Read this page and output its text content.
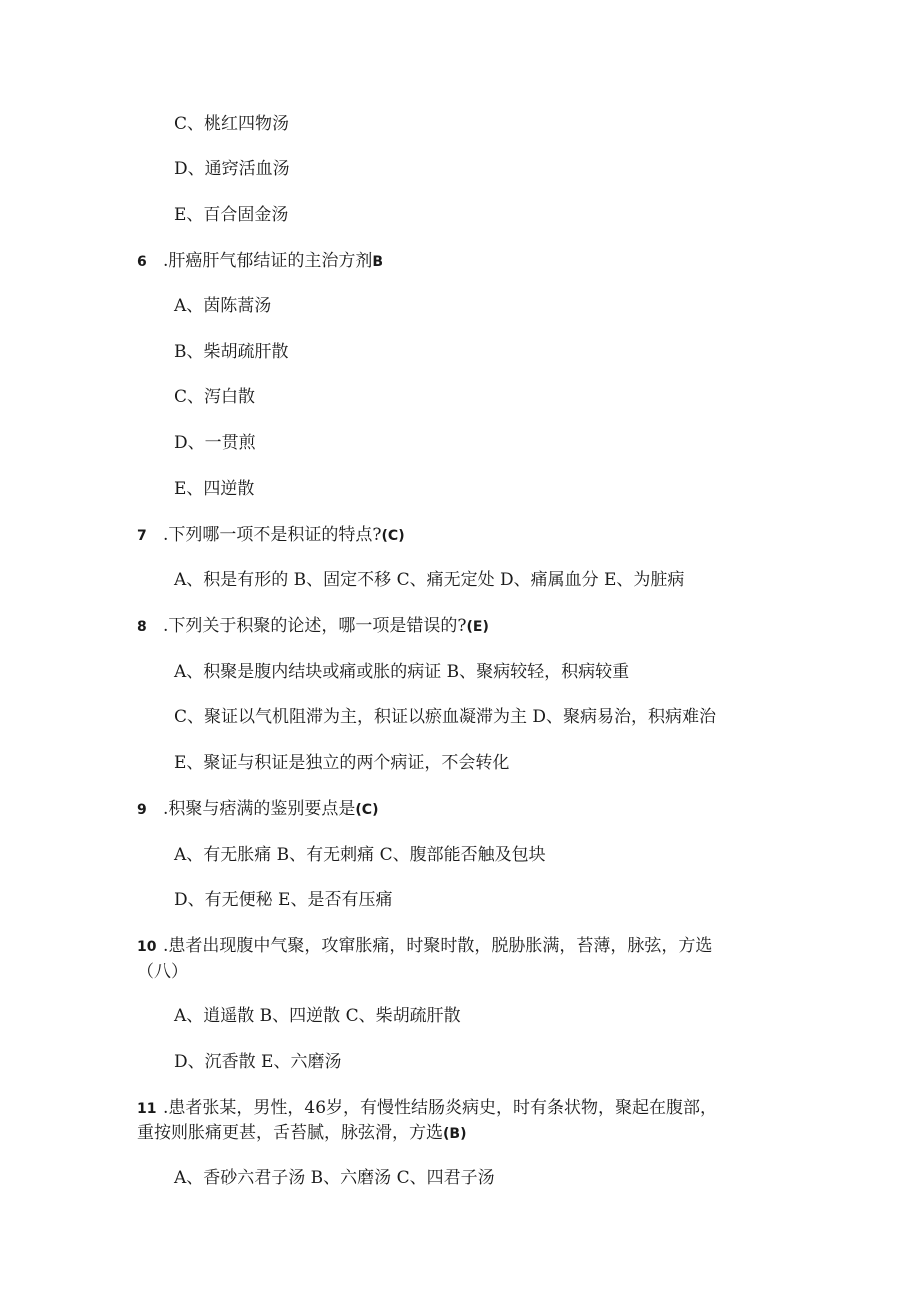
C、桃红四物汤
D、通窍活血汤
E、百合固金汤
6 .肝癌肝气郁结证的主治方剂B
A、茵陈蒿汤
B、柴胡疏肝散
C、泻白散
D、一贯煎
E、四逆散
7 .下列哪一项不是积证的特点?(C)
A、积是有形的 B、固定不移 C、痛无定处 D、痛属血分 E、为脏病
8 .下列关于积聚的论述，哪一项是错误的?(E)
A、积聚是腹内结块或痛或胀的病证 B、聚病较轻，积病较重
C、聚证以气机阻滞为主，积证以瘀血凝滞为主 D、聚病易治，积病难治
E、聚证与积证是独立的两个病证，不会转化
9 .积聚与痞满的鉴别要点是(C)
A、有无胀痛 B、有无刺痛 C、腹部能否触及包块
D、有无便秘 E、是否有压痛
10 .患者出现腹中气聚，攻窜胀痛，时聚时散，脱胁胀满，苔薄，脉弦，方选
（八）
A、逍遥散 B、四逆散 C、柴胡疏肝散
D、沉香散 E、六磨汤
11 .患者张某，男性，46岁，有慢性结肠炎病史，时有条状物，聚起在腹部，
重按则胀痛更甚，舌苔腻，脉弦滑，方选(B)
A、香砂六君子汤 B、六磨汤 C、四君子汤
